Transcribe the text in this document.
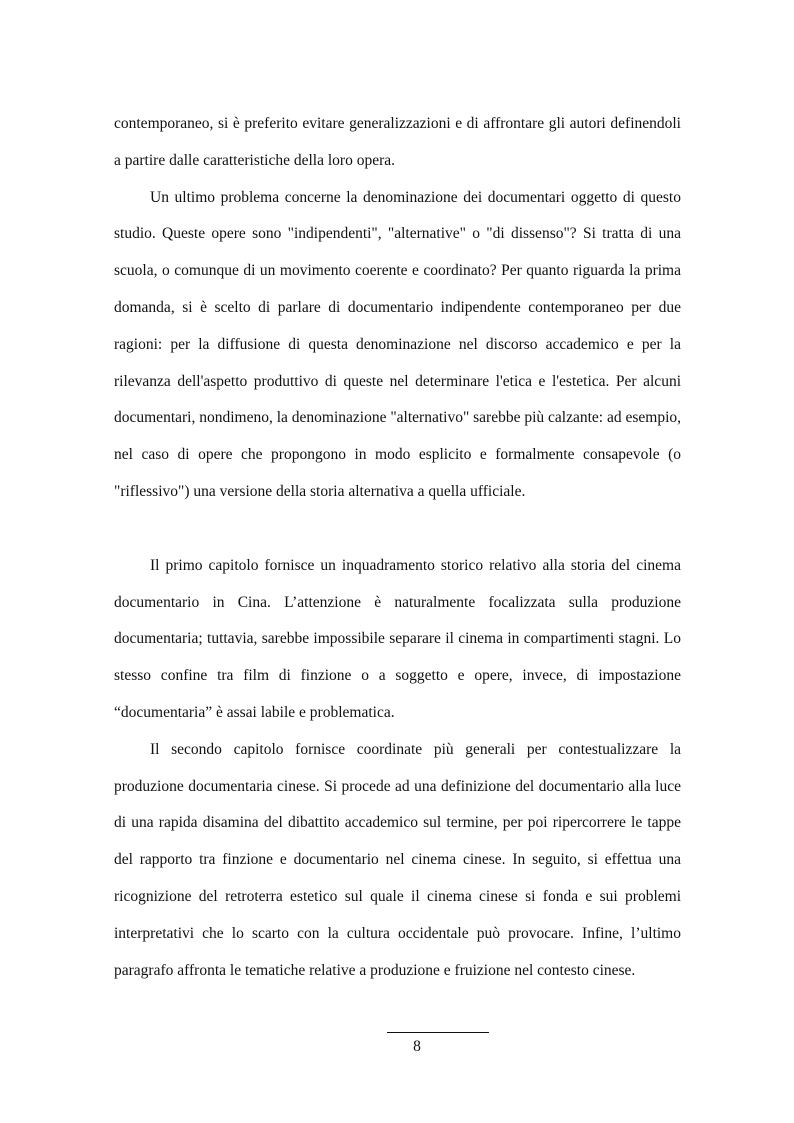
contemporaneo, si è preferito evitare generalizzazioni e di affrontare gli autori definendoli a partire dalle caratteristiche della loro opera.

Un ultimo problema concerne la denominazione dei documentari oggetto di questo studio. Queste opere sono "indipendenti", "alternative" o "di dissenso"? Si tratta di una scuola, o comunque di un movimento coerente e coordinato? Per quanto riguarda la prima domanda, si è scelto di parlare di documentario indipendente contemporaneo per due ragioni: per la diffusione di questa denominazione nel discorso accademico e per la rilevanza dell'aspetto produttivo di queste nel determinare l'etica e l'estetica. Per alcuni documentari, nondimeno, la denominazione "alternativo" sarebbe più calzante: ad esempio, nel caso di opere che propongono in modo esplicito e formalmente consapevole (o "riflessivo") una versione della storia alternativa a quella ufficiale.

Il primo capitolo fornisce un inquadramento storico relativo alla storia del cinema documentario in Cina. L’attenzione è naturalmente focalizzata sulla produzione documentaria; tuttavia, sarebbe impossibile separare il cinema in compartimenti stagni. Lo stesso confine tra film di finzione o a soggetto e opere, invece, di impostazione “documentaria” è assai labile e problematica.

Il secondo capitolo fornisce coordinate più generali per contestualizzare la produzione documentaria cinese. Si procede ad una definizione del documentario alla luce di una rapida disamina del dibattito accademico sul termine, per poi ripercorrere le tappe del rapporto tra finzione e documentario nel cinema cinese. In seguito, si effettua una ricognizione del retroterra estetico sul quale il cinema cinese si fonda e sui problemi interpretativi che lo scarto con la cultura occidentale può provocare. Infine, l’ultimo paragrafo affronta le tematiche relative a produzione e fruizione nel contesto cinese.

8
